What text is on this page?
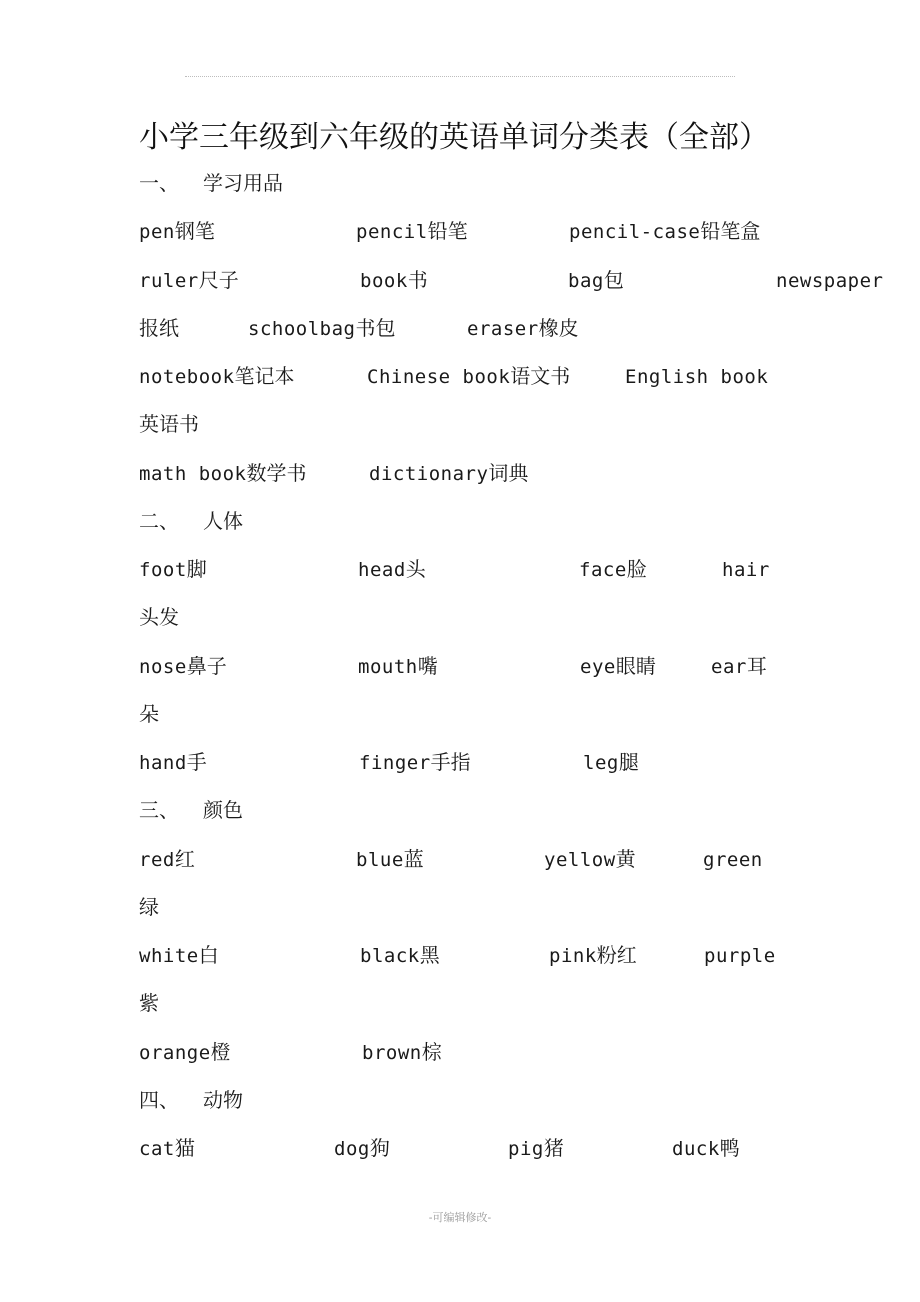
小学三年级到六年级的英语单词分类表（全部）
一、 学习用品
pen钢笔	pencil铅笔	pencil-case铅笔盒
ruler尺子	book书	bag包	newspaper
报纸	schoolbag书包	eraser橡皮
notebook笔记本	Chinese book语文书	English book
英语书
math book数学书	dictionary词典
二、 人体
foot脚	head头	face脸	hair
头发
nose鼻子	mouth嘴	eye眼睛	ear耳
朵
hand手	finger手指	leg腿
三、 颜色
red红	blue蓝	yellow黄	green
绿
white白	black黑	pink粉红	purple
紫
orange橙	brown棕
四、 动物
cat猫	dog狗	pig猪	duck鸭
-可编辑修改-
